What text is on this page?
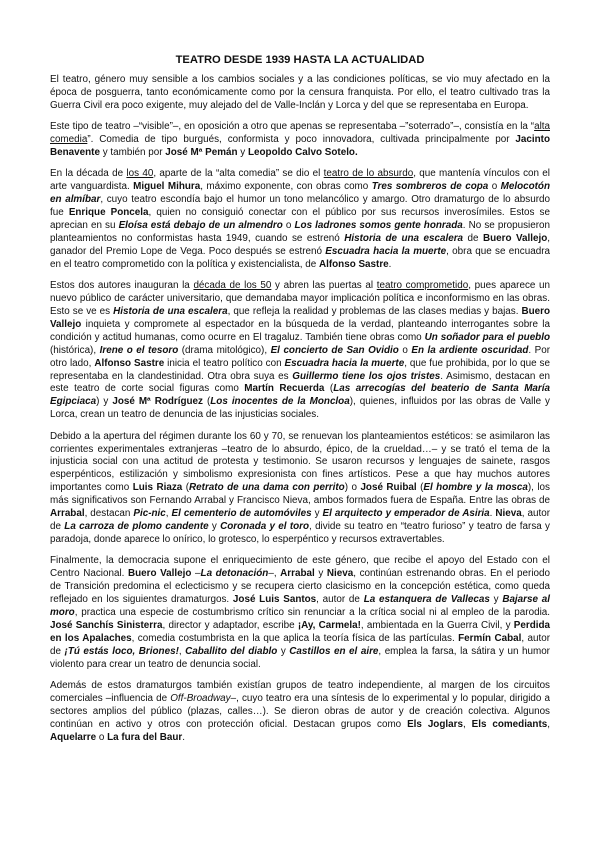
TEATRO DESDE 1939 HASTA LA ACTUALIDAD

El teatro, género muy sensible a los cambios sociales y a las condiciones políticas, se vio muy afectado en la época de posguerra, tanto económicamente como por la censura franquista. Por ello, el teatro cultivado tras la Guerra Civil era poco exigente, muy alejado del de Valle-Inclán y Lorca y del que se representaba en Europa.

Este tipo de teatro –“visible”–, en oposición a otro que apenas se representaba –”soterrado”–, consistía en la “alta comedia”. Comedia de tipo burgués, conformista y poco innovadora, cultivada principalmente por Jacinto Benavente y también por José Mª Pemán y Leopoldo Calvo Sotelo.

En la década de los 40, aparte de la “alta comedia” se dio el teatro de lo absurdo, que mantenía vínculos con el arte vanguardista. Miguel Mihura, máximo exponente, con obras como Tres sombreros de copa o Melocotón en almíbar, cuyo teatro escondía bajo el humor un tono melancólico y amargo. Otro dramaturgo de lo absurdo fue Enrique Poncela, quien no consiguió conectar con el público por sus recursos inverosímiles. Estos se aprecian en su Eloísa está debajo de un almendro o Los ladrones somos gente honrada. No se propusieron planteamientos no conformistas hasta 1949, cuando se estrenó Historia de una escalera de Buero Vallejo, ganador del Premio Lope de Vega. Poco después se estrenó Escuadra hacia la muerte, obra que se encuadra en el teatro comprometido con la política y existencialista, de Alfonso Sastre.

Estos dos autores inauguran la década de los 50 y abren las puertas al teatro comprometido, pues aparece un nuevo público de carácter universitario, que demandaba mayor implicación política e inconformismo en las obras. Esto se ve es Historia de una escalera, que refleja la realidad y problemas de las clases medias y bajas. Buero Vallejo inquieta y compromete al espectador en la búsqueda de la verdad, planteando interrogantes sobre la condición y actitud humanas, como ocurre en El tragaluz. También tiene obras como Un soñador para el pueblo (histórica), Irene o el tesoro (drama mitológico), El concierto de San Ovidio o En la ardiente oscuridad. Por otro lado, Alfonso Sastre inicia el teatro político con Escuadra hacia la muerte, que fue prohibida, por lo que se representaba en la clandestinidad. Otra obra suya es Guillermo tiene los ojos tristes. Asimismo, destacan en este teatro de corte social figuras como Martín Recuerda (Las arrecogías del beaterio de Santa María Egipciaca) y José Mª Rodríguez (Los inocentes de la Moncloa), quienes, influidos por las obras de Valle y Lorca, crean un teatro de denuncia de las injusticias sociales.

Debido a la apertura del régimen durante los 60 y 70, se renuevan los planteamientos estéticos: se asimilaron las corrientes experimentales extranjeras –teatro de lo absurdo, épico, de la crueldad…– y se trató el tema de la injusticia social con una actitud de protesta y testimonio. Se usaron recursos y lenguajes de sainete, rasgos esperpénticos, estilización y simbolismo expresionista con fines artísticos. Pese a que hay muchos autores importantes como Luis Riaza (Retrato de una dama con perrito) o José Ruibal (El hombre y la mosca), los más significativos son Fernando Arrabal y Francisco Nieva, ambos formados fuera de España. Entre las obras de Arrabal, destacan Pic-nic, El cementerio de automóviles y El arquitecto y emperador de Asiria. Nieva, autor de La carroza de plomo candente y Coronada y el toro, divide su teatro en “teatro furioso” y teatro de farsa y paradoja, donde aparece lo onírico, lo grotesco, lo esperpéntico y recursos extravertables.

Finalmente, la democracia supone el enriquecimiento de este género, que recibe el apoyo del Estado con el Centro Nacional. Buero Vallejo –La detonación–, Arrabal y Nieva, continúan estrenando obras. En el periodo de Transición predomina el eclecticismo y se recupera cierto clasicismo en la concepción estética, como queda reflejado en los siguientes dramaturgos. José Luis Santos, autor de La estanquera de Vallecas y Bajarse al moro, practica una especie de costumbrismo crítico sin renunciar a la crítica social ni al empleo de la parodia. José Sanchís Sinisterra, director y adaptador, escribe ¡Ay, Carmela!, ambientada en la Guerra Civil, y Perdida en los Apalaches, comedia costumbrista en la que aplica la teoría física de las partículas. Fermín Cabal, autor de ¡Tú estás loco, Briones!, Caballito del diablo y Castillos en el aire, emplea la farsa, la sátira y un humor violento para crear un teatro de denuncia social.

Además de estos dramaturgos también existían grupos de teatro independiente, al margen de los circuitos comerciales –influencia de Off-Broadway–, cuyo teatro era una síntesis de lo experimental y lo popular, dirigido a sectores amplios del público (plazas, calles…). Se dieron obras de autor y de creación colectiva. Algunos continúan en activo y otros con protección oficial. Destacan grupos como Els Joglars, Els comediants, Aquelarre o La fura del Baur.
